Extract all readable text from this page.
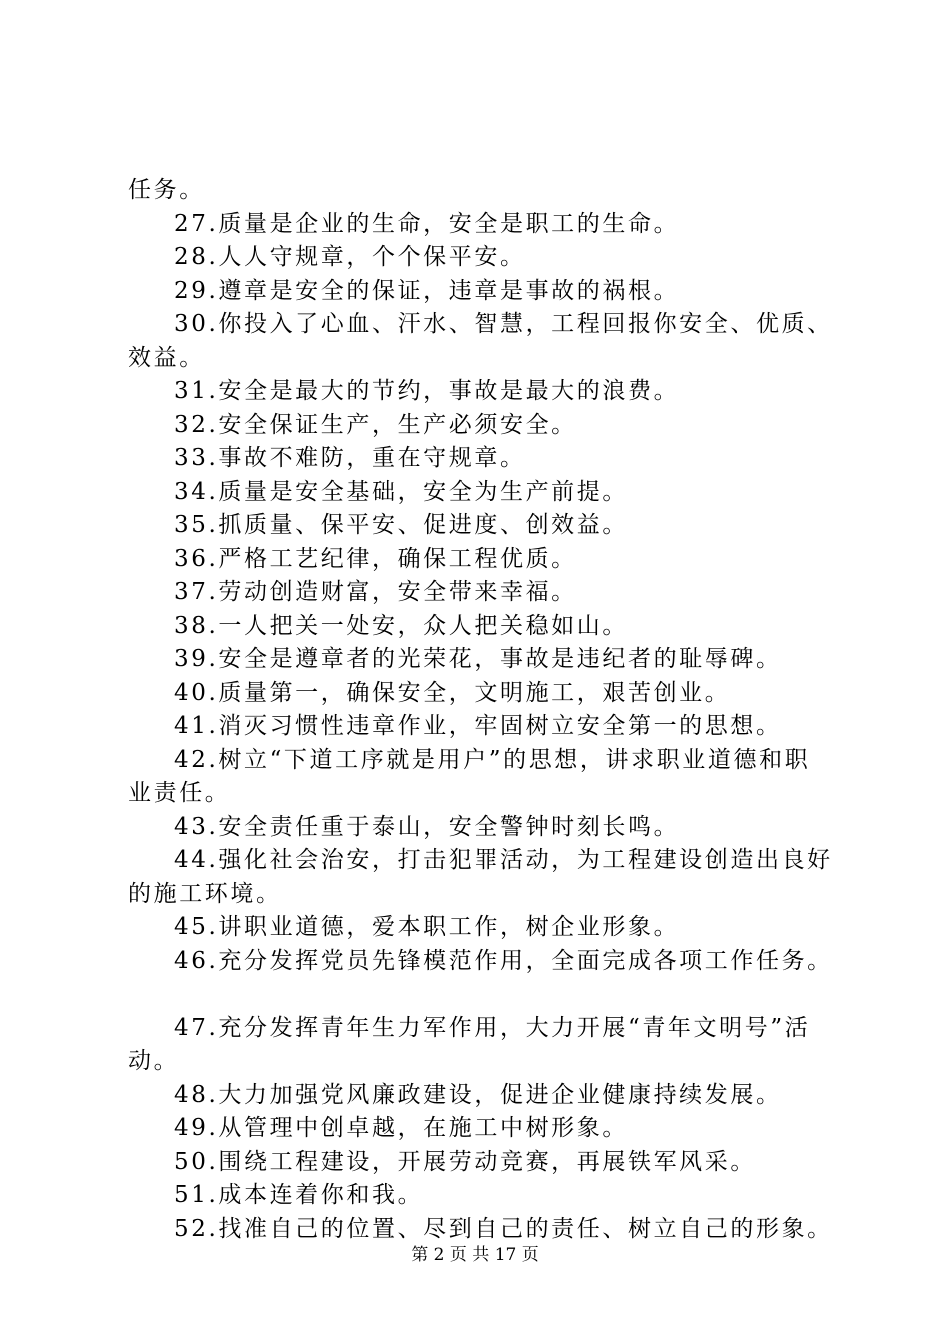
任务。
27.质量是企业的生命，安全是职工的生命。
28.人人守规章，个个保平安。
29.遵章是安全的保证，违章是事故的祸根。
30.你投入了心血、汗水、智慧，工程回报你安全、优质、
效益。
31.安全是最大的节约，事故是最大的浪费。
32.安全保证生产，生产必须安全。
33.事故不难防，重在守规章。
34.质量是安全基础，安全为生产前提。
35.抓质量、保平安、促进度、创效益。
36.严格工艺纪律，确保工程优质。
37.劳动创造财富，安全带来幸福。
38.一人把关一处安，众人把关稳如山。
39.安全是遵章者的光荣花，事故是违纪者的耻辱碑。
40.质量第一，确保安全，文明施工，艰苦创业。
41.消灭习惯性违章作业，牢固树立安全第一的思想。
42.树立“下道工序就是用户”的思想，讲求职业道德和职
业责任。
43.安全责任重于泰山，安全警钟时刻长鸣。
44.强化社会治安，打击犯罪活动，为工程建设创造出良好
的施工环境。
45.讲职业道德，爱本职工作，树企业形象。
46.充分发挥党员先锋模范作用，全面完成各项工作任务。
47.充分发挥青年生力军作用，大力开展“青年文明号”活
动。
48.大力加强党风廉政建设，促进企业健康持续发展。
49.从管理中创卓越，在施工中树形象。
50.围绕工程建设，开展劳动竞赛，再展铁军风采。
51.成本连着你和我。
52.找准自己的位置、尽到自己的责任、树立自己的形象。
第 2 页 共 17 页
